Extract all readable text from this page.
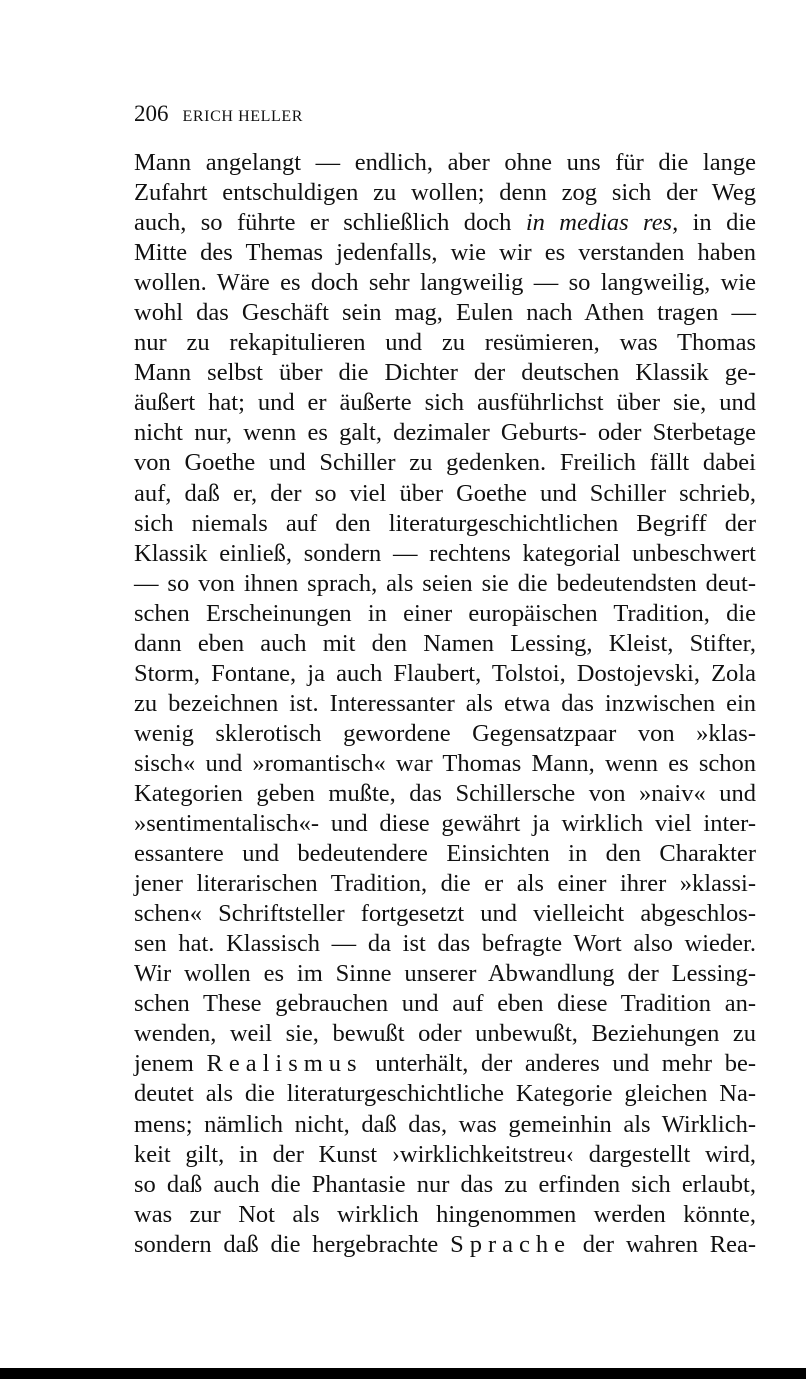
206 ERICH HELLER
Mann angelangt — endlich, aber ohne uns für die lange
Zufahrt entschuldigen zu wollen; denn zog sich der Weg
auch, so führte er schließlich doch in medias res, in die
Mitte des Themas jedenfalls, wie wir es verstanden haben
wollen. Wäre es doch sehr langweilig — so langweilig, wie
wohl das Geschäft sein mag, Eulen nach Athen tragen —
nur zu rekapitulieren und zu resümieren, was Thomas
Mann selbst über die Dichter der deutschen Klassik ge-
äußert hat; und er äußerte sich ausführlichst über sie, und
nicht nur, wenn es galt, dezimaler Geburts- oder Sterbetage
von Goethe und Schiller zu gedenken. Freilich fällt dabei
auf, daß er, der so viel über Goethe und Schiller schrieb,
sich niemals auf den literaturgeschichtlichen Begriff der
Klassik einließ, sondern — rechtens kategorial unbeschwert
— so von ihnen sprach, als seien sie die bedeutendsten deut-
schen Erscheinungen in einer europäischen Tradition, die
dann eben auch mit den Namen Lessing, Kleist, Stifter,
Storm, Fontane, ja auch Flaubert, Tolstoi, Dostojevski, Zola
zu bezeichnen ist. Interessanter als etwa das inzwischen ein
wenig sklerotisch gewordene Gegensatzpaar von »klas-
sisch« und »romantisch« war Thomas Mann, wenn es schon
Kategorien geben mußte, das Schillersche von »naiv« und
»sentimentalisch«- und diese gewährt ja wirklich viel inter-
essantere und bedeutendere Einsichten in den Charakter
jener literarischen Tradition, die er als einer ihrer »klassi-
schen« Schriftsteller fortgesetzt und vielleicht abgeschlos-
sen hat. Klassisch — da ist das befragte Wort also wieder.
Wir wollen es im Sinne unserer Abwandlung der Lessing-
schen These gebrauchen und auf eben diese Tradition an-
wenden, weil sie, bewußt oder unbewußt, Beziehungen zu
jenem Realismus unterhält, der anderes und mehr be-
deutet als die literaturgeschichtliche Kategorie gleichen Na-
mens; nämlich nicht, daß das, was gemeinhin als Wirklich-
keit gilt, in der Kunst ›wirklichkeitstreu‹ dargestellt wird,
so daß auch die Phantasie nur das zu erfinden sich erlaubt,
was zur Not als wirklich hingenommen werden könnte,
sondern daß die hergebrachte Sprache der wahren Rea-
